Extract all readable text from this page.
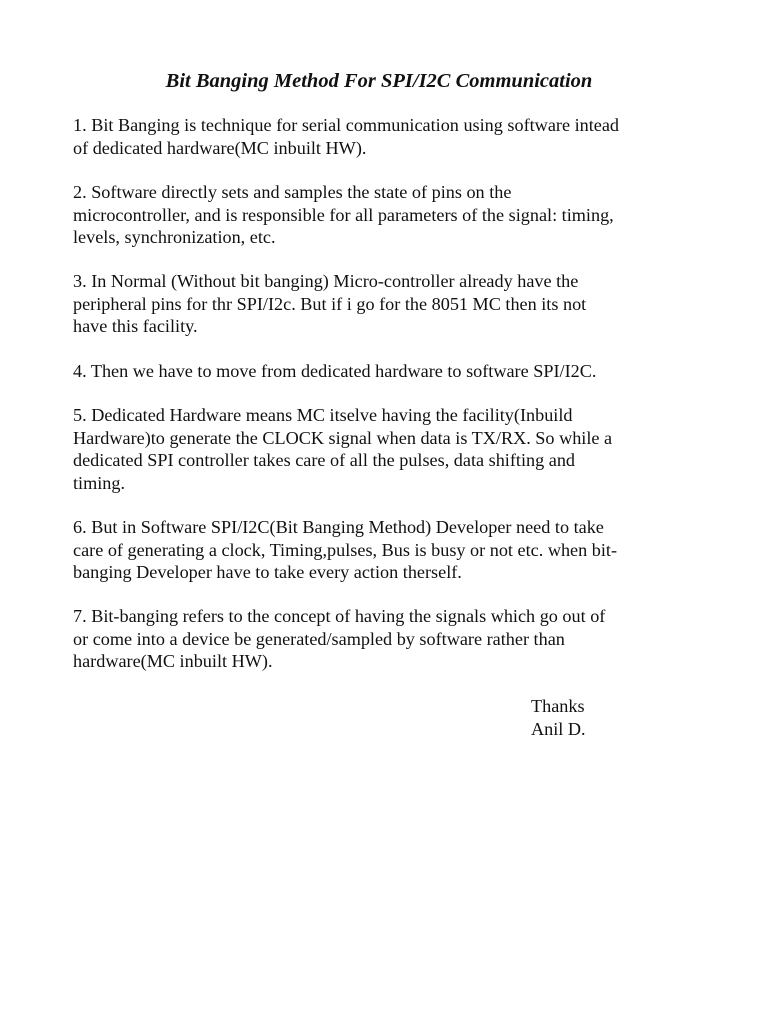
Bit Banging Method For SPI/I2C Communication

1. Bit Banging is technique for serial communication using software intead
of dedicated hardware(MC inbuilt HW).

2. Software directly sets and samples the state of pins on the
microcontroller, and is responsible for all parameters of the signal: timing,
levels, synchronization, etc.

3. In Normal (Without bit banging) Micro-controller already have the
peripheral pins for thr SPI/I2c. But if i go for the 8051 MC then its not
have this facility.

4. Then we have to move from dedicated hardware to software SPI/I2C.

5. Dedicated Hardware means MC itselve having the facility(Inbuild
Hardware)to generate the CLOCK signal when data is TX/RX. So while a
dedicated SPI controller takes care of all the pulses, data shifting and
timing.

6. But in Software SPI/I2C(Bit Banging Method) Developer need to take
care of generating a clock, Timing,pulses, Bus is busy or not etc. when bit-
banging Developer have to take every action therself.

7. Bit-banging refers to the concept of having the signals which go out of
or come into a device be generated/sampled by software rather than
hardware(MC inbuilt HW).

Thanks
Anil D.
